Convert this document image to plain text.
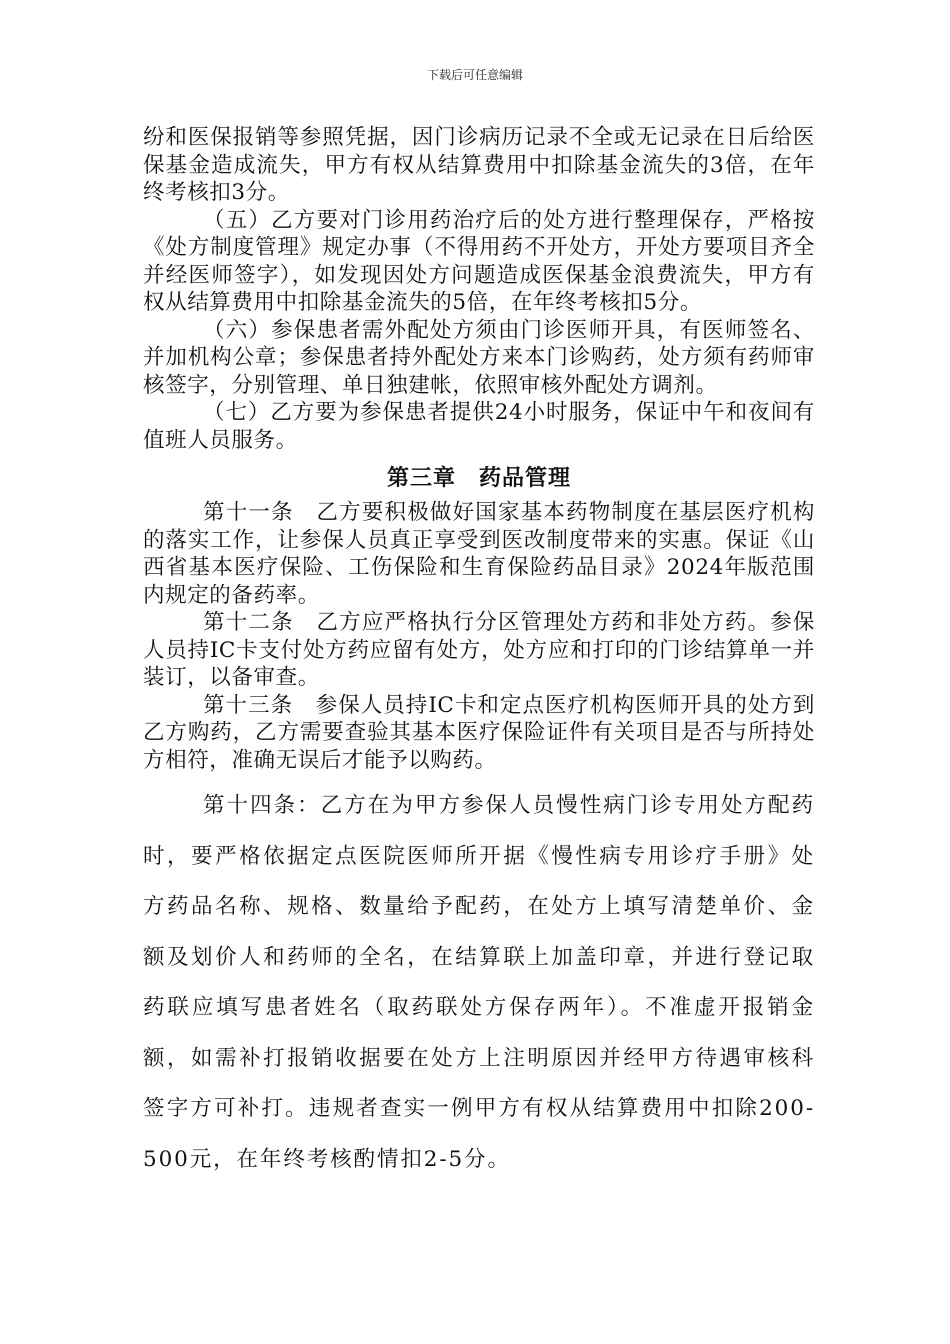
下载后可任意编辑

纷和医保报销等参照凭据，因门诊病历记录不全或无记录在日后给医保基金造成流失，甲方有权从结算费用中扣除基金流失的3倍，在年终考核扣3分。

（五）乙方要对门诊用药治疗后的处方进行整理保存，严格按《处方制度管理》规定办事（不得用药不开处方，开处方要项目齐全并经医师签字），如发现因处方问题造成医保基金浪费流失，甲方有权从结算费用中扣除基金流失的5倍，在年终考核扣5分。

（六）参保患者需外配处方须由门诊医师开具，有医师签名、并加机构公章；参保患者持外配处方来本门诊购药，处方须有药师审核签字，分别管理、单日独建帐，依照审核外配处方调剂。

（七）乙方要为参保患者提供24小时服务，保证中午和夜间有值班人员服务。

第三章　药品管理

第十一条　乙方要积极做好国家基本药物制度在基层医疗机构的落实工作，让参保人员真正享受到医改制度带来的实惠。保证《山西省基本医疗保险、工伤保险和生育保险药品目录》2024年版范围内规定的备药率。

第十二条　乙方应严格执行分区管理处方药和非处方药。参保人员持IC卡支付处方药应留有处方，处方应和打印的门诊结算单一并装订，以备审查。

第十三条　参保人员持IC卡和定点医疗机构医师开具的处方到乙方购药，乙方需要查验其基本医疗保险证件有关项目是否与所持处方相符，准确无误后才能予以购药。

第十四条：乙方在为甲方参保人员慢性病门诊专用处方配药时，要严格依据定点医院医师所开据《慢性病专用诊疗手册》处方药品名称、规格、数量给予配药，在处方上填写清楚单价、金额及划价人和药师的全名，在结算联上加盖印章，并进行登记取药联应填写患者姓名（取药联处方保存两年）。不准虚开报销金额，如需补打报销收据要在处方上注明原因并经甲方待遇审核科签字方可补打。违规者查实一例甲方有权从结算费用中扣除200-500元，在年终考核酌情扣2-5分。
